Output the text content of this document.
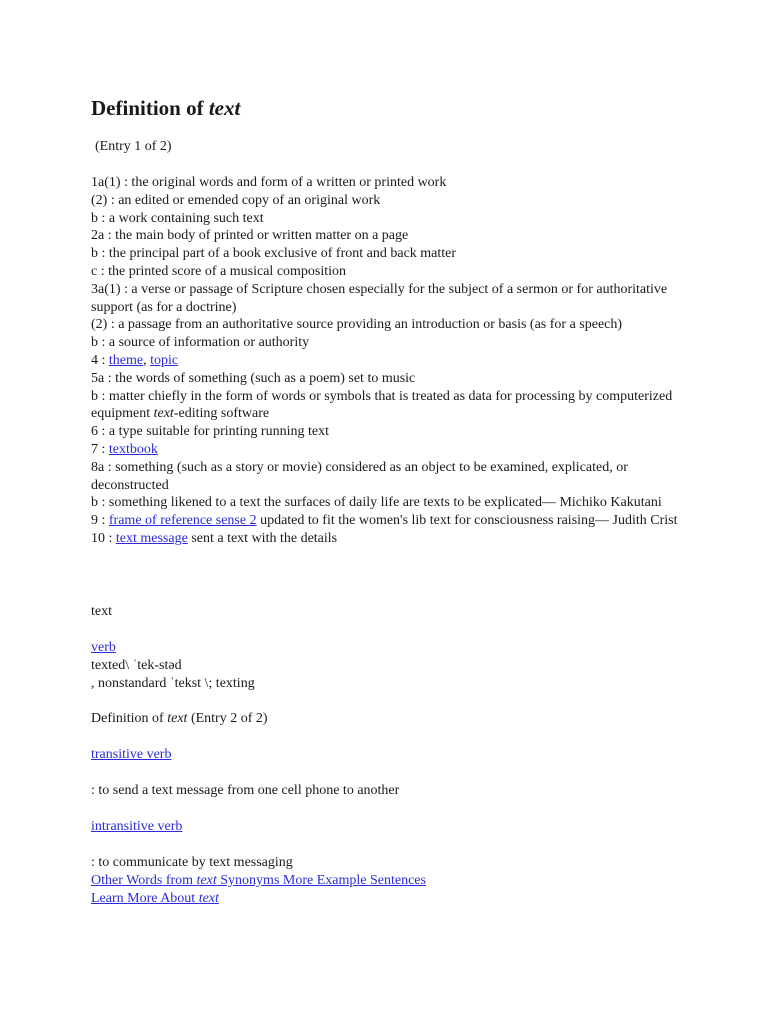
Definition of text
(Entry 1 of 2)
1a(1) : the original words and form of a written or printed work
(2) : an edited or emended copy of an original work
b : a work containing such text
2a : the main body of printed or written matter on a page
b : the principal part of a book exclusive of front and back matter
c : the printed score of a musical composition
3a(1) : a verse or passage of Scripture chosen especially for the subject of a sermon or for authoritative support (as for a doctrine)
(2) : a passage from an authoritative source providing an introduction or basis (as for a speech)
b : a source of information or authority
4 : theme, topic
5a : the words of something (such as a poem) set to music
b : matter chiefly in the form of words or symbols that is treated as data for processing by computerized equipment text-editing software
6 : a type suitable for printing running text
7 : textbook
8a : something (such as a story or movie) considered as an object to be examined, explicated, or deconstructed
b : something likened to a text the surfaces of daily life are texts to be explicated— Michiko Kakutani
9 : frame of reference sense 2 updated to fit the women's lib text for consciousness raising— Judith Crist
10 : text message sent a text with the details
text
verb
texted\ ˈtek-stəd
, nonstandard ˈtekst \; texting
Definition of text (Entry 2 of 2)
transitive verb
: to send a text message from one cell phone to another
intransitive verb
: to communicate by text messaging
Other Words from text Synonyms More Example Sentences
Learn More About text
